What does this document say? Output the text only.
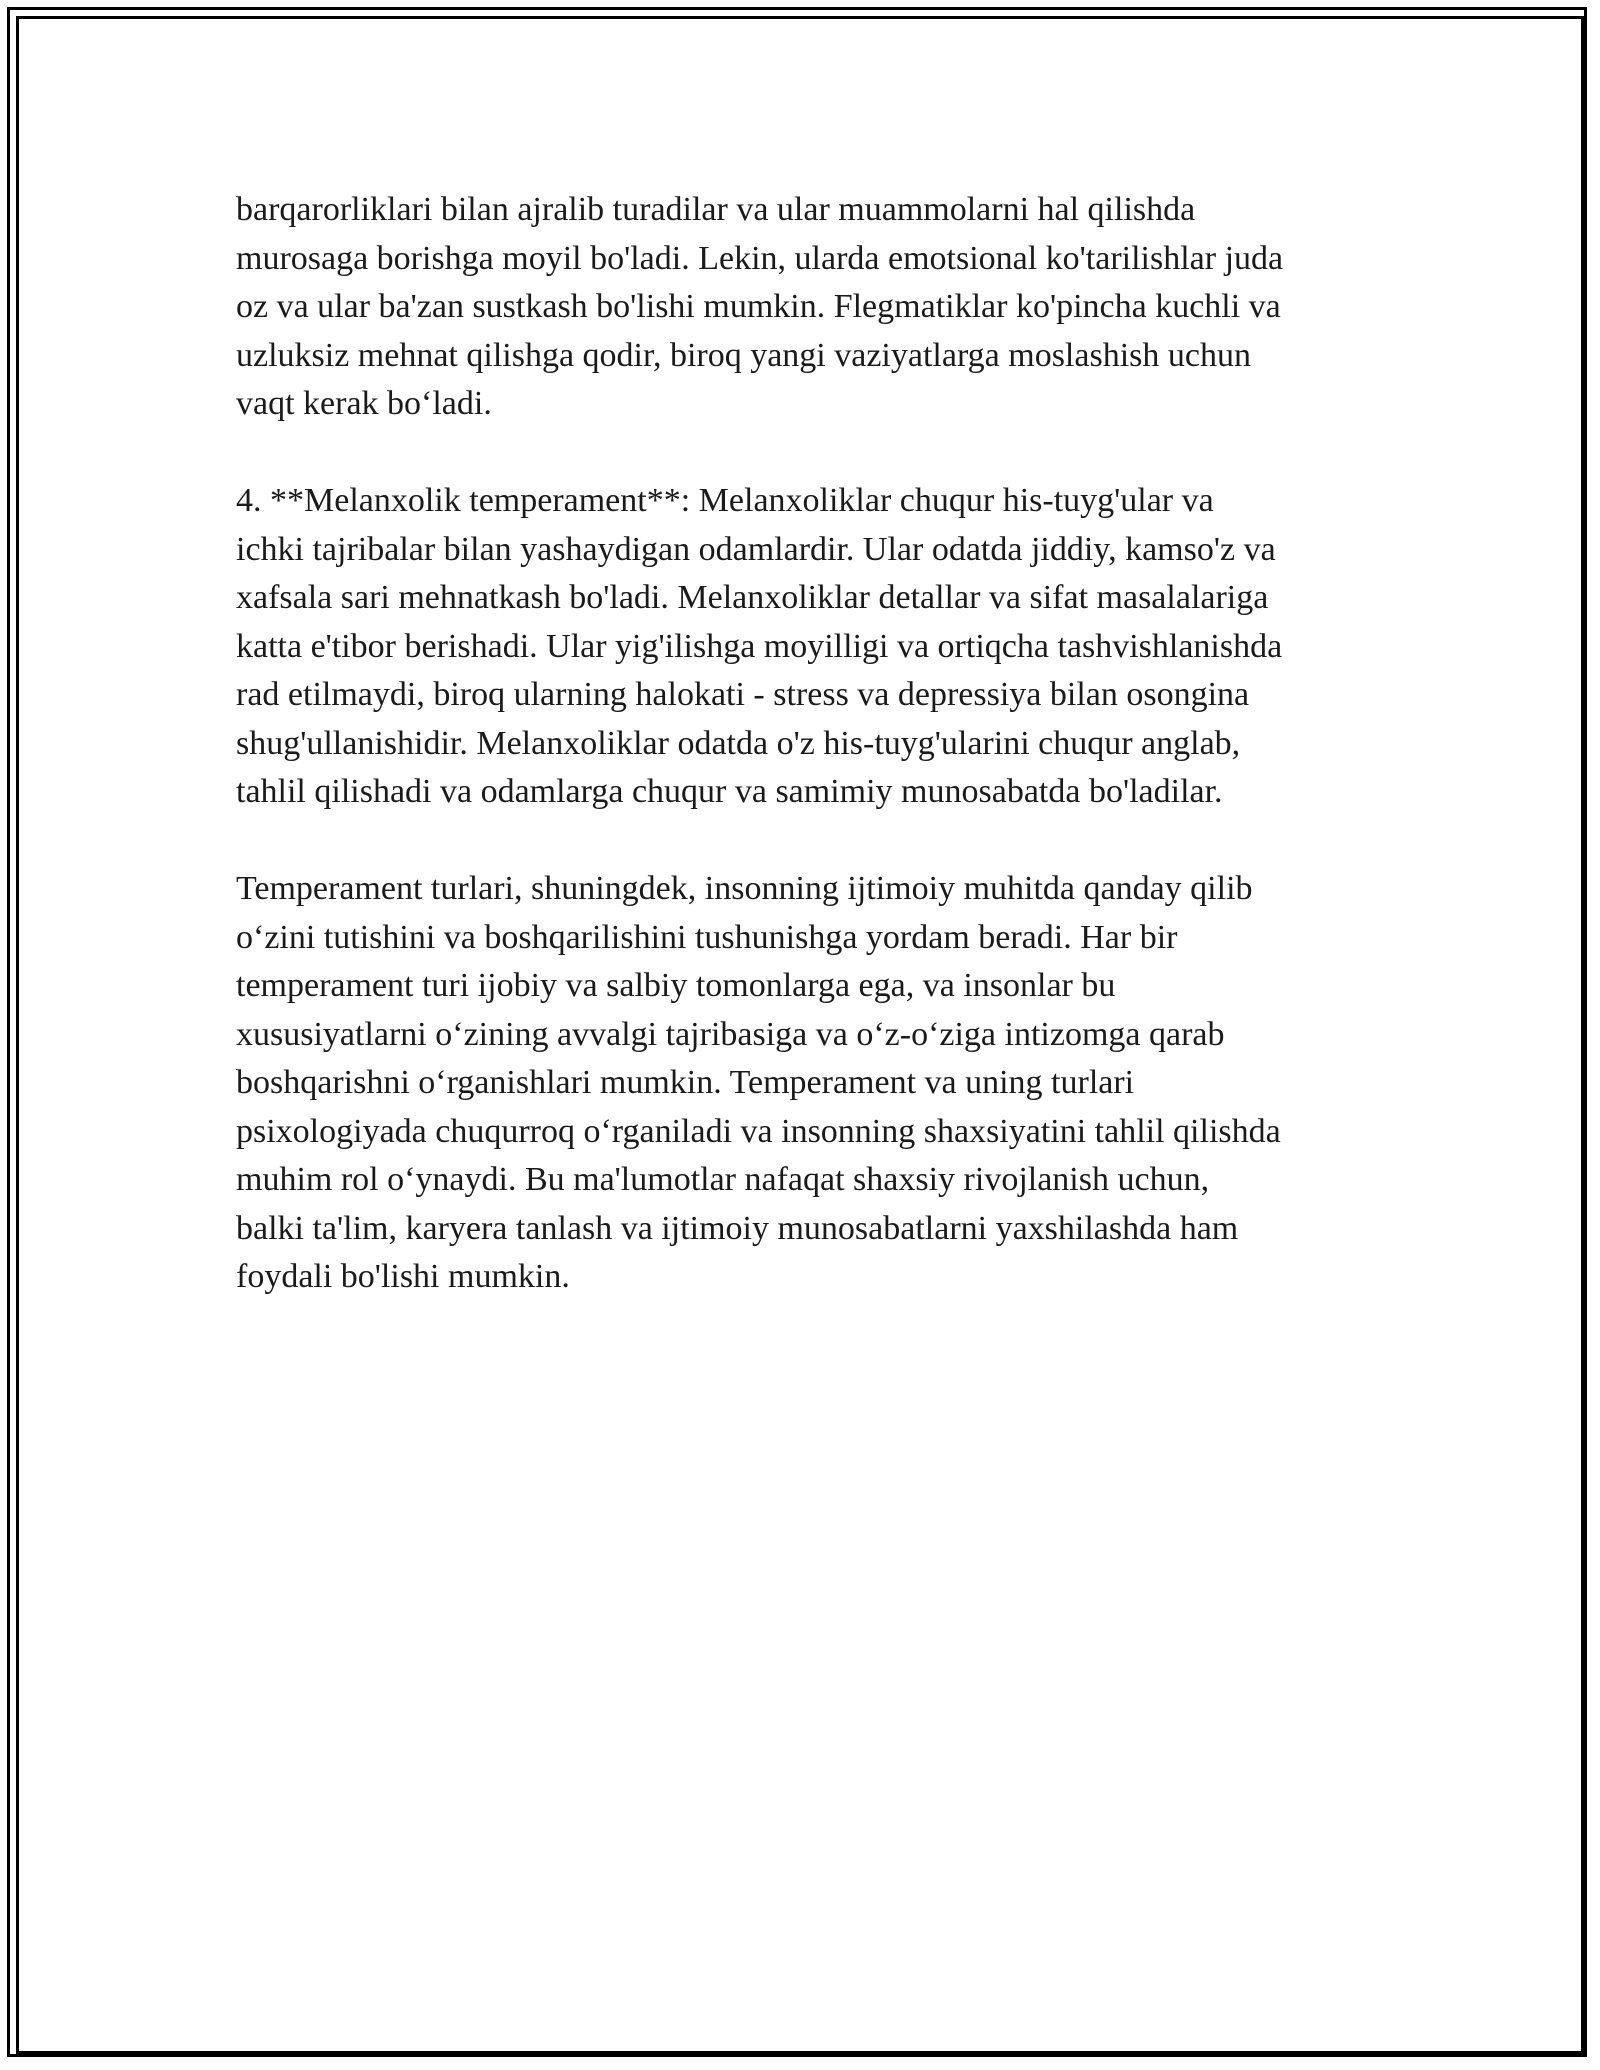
barqarorliklari bilan ajralib turadilar va ular muammolarni hal qilishda
murosaga borishga moyil bo'ladi. Lekin, ularda emotsional ko'tarilishlar juda
oz va ular ba'zan sustkash bo'lishi mumkin. Flegmatiklar ko'pincha kuchli va
uzluksiz mehnat qilishga qodir, biroq yangi vaziyatlarga moslashish uchun
vaqt kerak bo‘ladi.

4. **Melanxolik temperament**: Melanxoliklar chuqur his-tuyg'ular va
ichki tajribalar bilan yashaydigan odamlardir. Ular odatda jiddiy, kamso'z va
xafsala sari mehnatkash bo'ladi. Melanxoliklar detallar va sifat masalalariga
katta e'tibor berishadi. Ular yig'ilishga moyilligi va ortiqcha tashvishlanishda
rad etilmaydi, biroq ularning halokati - stress va depressiya bilan osongina
shug'ullanishidir. Melanxoliklar odatda o'z his-tuyg'ularini chuqur anglab,
tahlil qilishadi va odamlarga chuqur va samimiy munosabatda bo'ladilar.

Temperament turlari, shuningdek, insonning ijtimoiy muhitda qanday qilib
o‘zini tutishini va boshqarilishini tushunishga yordam beradi. Har bir
temperament turi ijobiy va salbiy tomonlarga ega, va insonlar bu
xususiyatlarni o‘zining avvalgi tajribasiga va o‘z-o‘ziga intizomga qarab
boshqarishni o‘rganishlari mumkin. Temperament va uning turlari
psixologiyada chuqurroq o‘rganiladi va insonning shaxsiyatini tahlil qilishda
muhim rol o‘ynaydi. Bu ma'lumotlar nafaqat shaxsiy rivojlanish uchun,
balki ta'lim, karyera tanlash va ijtimoiy munosabatlarni yaxshilashda ham
foydali bo'lishi mumkin.
